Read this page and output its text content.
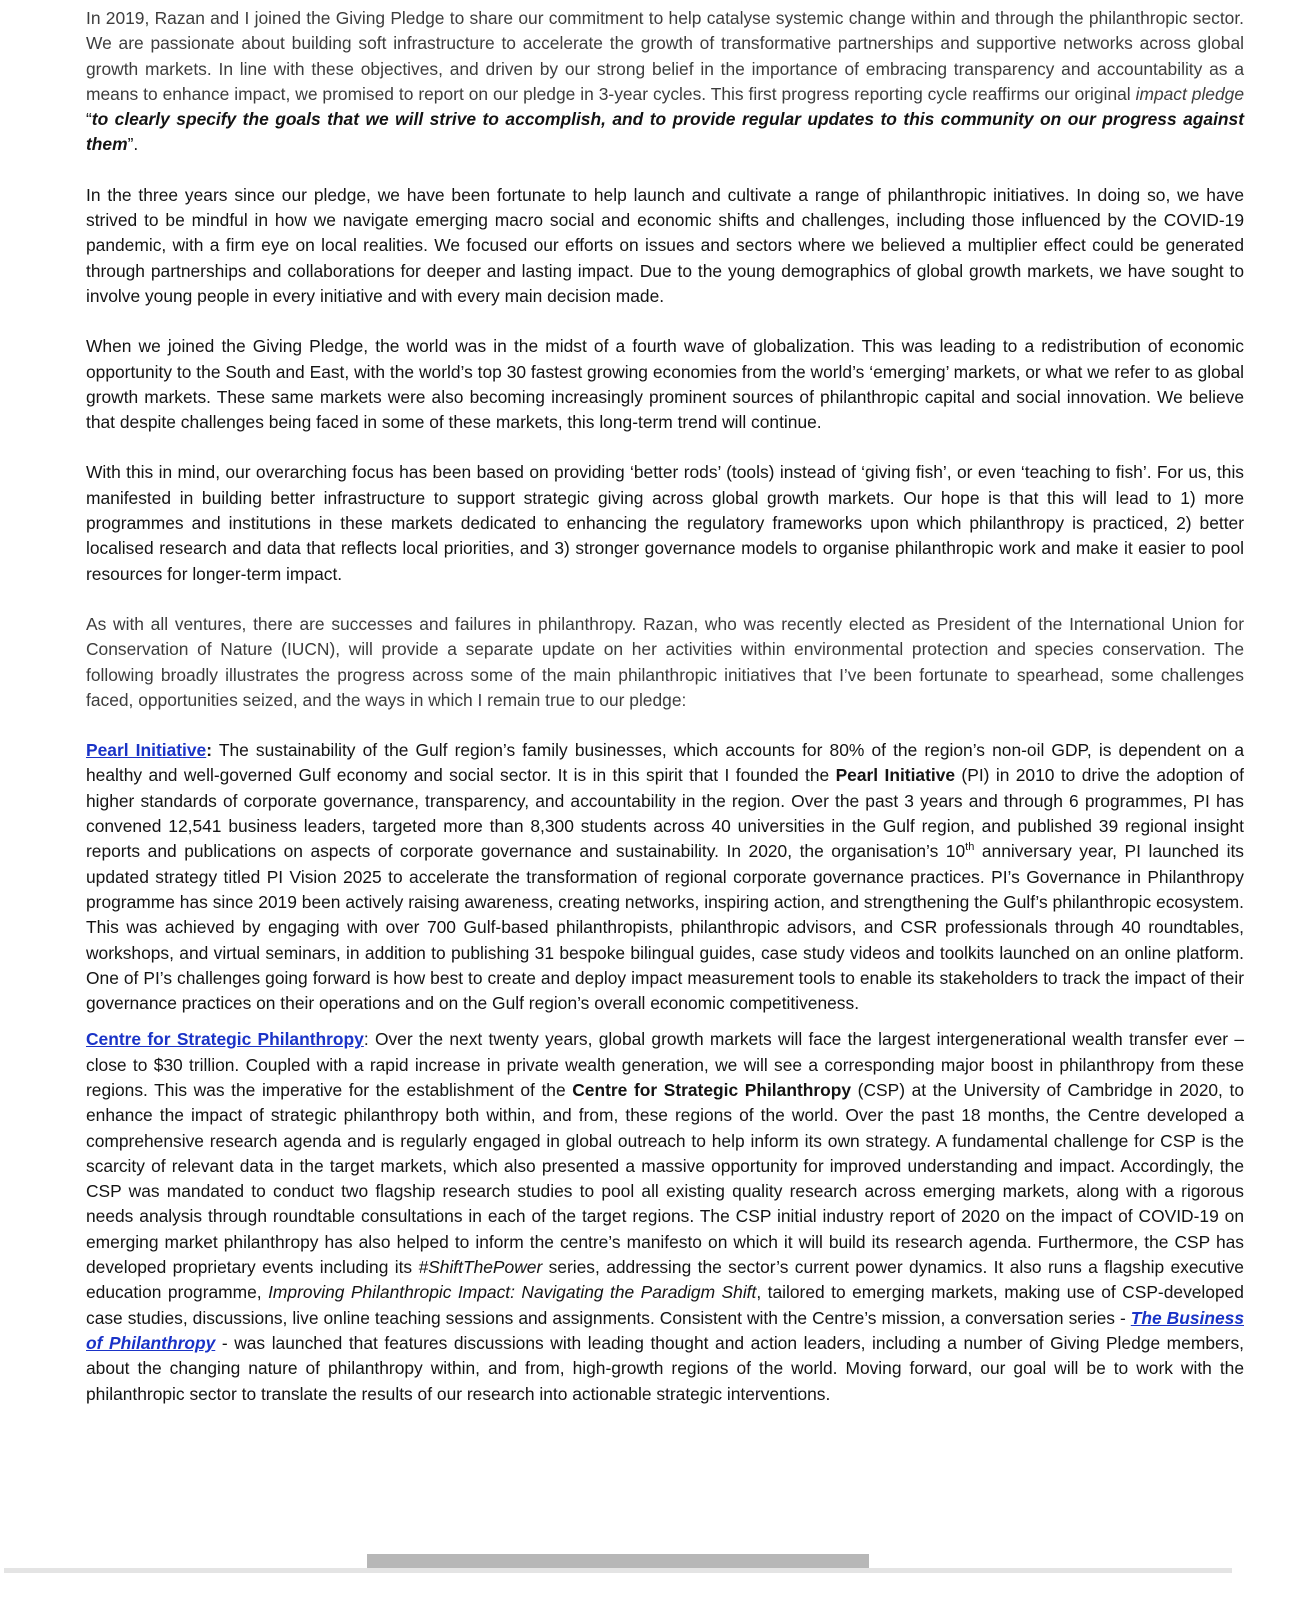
In 2019, Razan and I joined the Giving Pledge to share our commitment to help catalyse systemic change within and through the philanthropic sector. We are passionate about building soft infrastructure to accelerate the growth of transformative partnerships and supportive networks across global growth markets. In line with these objectives, and driven by our strong belief in the importance of embracing transparency and accountability as a means to enhance impact, we promised to report on our pledge in 3-year cycles. This first progress reporting cycle reaffirms our original impact pledge “to clearly specify the goals that we will strive to accomplish, and to provide regular updates to this community on our progress against them”.

In the three years since our pledge, we have been fortunate to help launch and cultivate a range of philanthropic initiatives. In doing so, we have strived to be mindful in how we navigate emerging macro social and economic shifts and challenges, including those influenced by the COVID-19 pandemic, with a firm eye on local realities. We focused our efforts on issues and sectors where we believed a multiplier effect could be generated through partnerships and collaborations for deeper and lasting impact. Due to the young demographics of global growth markets, we have sought to involve young people in every initiative and with every main decision made.

When we joined the Giving Pledge, the world was in the midst of a fourth wave of globalization. This was leading to a redistribution of economic opportunity to the South and East, with the world’s top 30 fastest growing economies from the world’s ‘emerging’ markets, or what we refer to as global growth markets. These same markets were also becoming increasingly prominent sources of philanthropic capital and social innovation. We believe that despite challenges being faced in some of these markets, this long-term trend will continue.

With this in mind, our overarching focus has been based on providing ‘better rods’ (tools) instead of ‘giving fish’, or even ‘teaching to fish’. For us, this manifested in building better infrastructure to support strategic giving across global growth markets. Our hope is that this will lead to 1) more programmes and institutions in these markets dedicated to enhancing the regulatory frameworks upon which philanthropy is practiced, 2) better localised research and data that reflects local priorities, and 3) stronger governance models to organise philanthropic work and make it easier to pool resources for longer-term impact.

As with all ventures, there are successes and failures in philanthropy. Razan, who was recently elected as President of the International Union for Conservation of Nature (IUCN), will provide a separate update on her activities within environmental protection and species conservation. The following broadly illustrates the progress across some of the main philanthropic initiatives that I’ve been fortunate to spearhead, some challenges faced, opportunities seized, and the ways in which I remain true to our pledge:

Pearl Initiative: The sustainability of the Gulf region’s family businesses, which accounts for 80% of the region’s non-oil GDP, is dependent on a healthy and well-governed Gulf economy and social sector. It is in this spirit that I founded the Pearl Initiative (PI) in 2010 to drive the adoption of higher standards of corporate governance, transparency, and accountability in the region. Over the past 3 years and through 6 programmes, PI has convened 12,541 business leaders, targeted more than 8,300 students across 40 universities in the Gulf region, and published 39 regional insight reports and publications on aspects of corporate governance and sustainability. In 2020, the organisation’s 10th anniversary year, PI launched its updated strategy titled PI Vision 2025 to accelerate the transformation of regional corporate governance practices. PI’s Governance in Philanthropy programme has since 2019 been actively raising awareness, creating networks, inspiring action, and strengthening the Gulf’s philanthropic ecosystem. This was achieved by engaging with over 700 Gulf-based philanthropists, philanthropic advisors, and CSR professionals through 40 roundtables, workshops, and virtual seminars, in addition to publishing 31 bespoke bilingual guides, case study videos and toolkits launched on an online platform. One of PI’s challenges going forward is how best to create and deploy impact measurement tools to enable its stakeholders to track the impact of their governance practices on their operations and on the Gulf region’s overall economic competitiveness.

Centre for Strategic Philanthropy: Over the next twenty years, global growth markets will face the largest intergenerational wealth transfer ever – close to $30 trillion. Coupled with a rapid increase in private wealth generation, we will see a corresponding major boost in philanthropy from these regions. This was the imperative for the establishment of the Centre for Strategic Philanthropy (CSP) at the University of Cambridge in 2020, to enhance the impact of strategic philanthropy both within, and from, these regions of the world. Over the past 18 months, the Centre developed a comprehensive research agenda and is regularly engaged in global outreach to help inform its own strategy. A fundamental challenge for CSP is the scarcity of relevant data in the target markets, which also presented a massive opportunity for improved understanding and impact. Accordingly, the CSP was mandated to conduct two flagship research studies to pool all existing quality research across emerging markets, along with a rigorous needs analysis through roundtable consultations in each of the target regions. The CSP initial industry report of 2020 on the impact of COVID-19 on emerging market philanthropy has also helped to inform the centre’s manifesto on which it will build its research agenda. Furthermore, the CSP has developed proprietary events including its #ShiftThePower series, addressing the sector’s current power dynamics. It also runs a flagship executive education programme, Improving Philanthropic Impact: Navigating the Paradigm Shift, tailored to emerging markets, making use of CSP-developed case studies, discussions, live online teaching sessions and assignments. Consistent with the Centre’s mission, a conversation series - The Business of Philanthropy - was launched that features discussions with leading thought and action leaders, including a number of Giving Pledge members, about the changing nature of philanthropy within, and from, high-growth regions of the world. Moving forward, our goal will be to work with the philanthropic sector to translate the results of our research into actionable strategic interventions.
